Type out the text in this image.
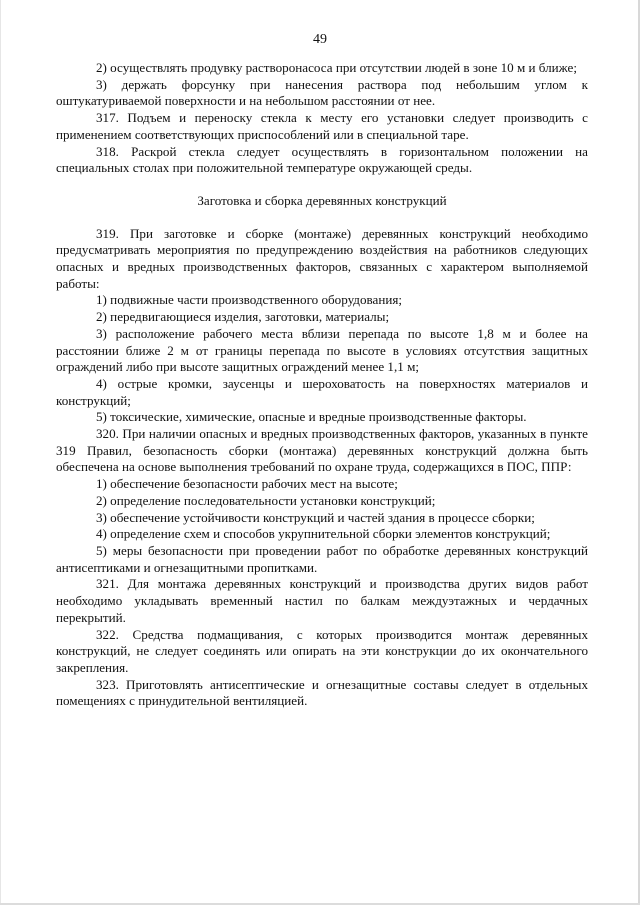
49

2) осуществлять продувку растворонасоса при отсутствии людей в зоне 10 м и ближе;

3) держать форсунку при нанесения раствора под небольшим углом к оштукатуриваемой поверхности и на небольшом расстоянии от нее.

317. Подъем и переноску стекла к месту его установки следует производить с применением соответствующих приспособлений или в специальной таре.

318. Раскрой стекла следует осуществлять в горизонтальном положении на специальных столах при положительной температуре окружающей среды.

Заготовка и сборка деревянных конструкций

319. При заготовке и сборке (монтаже) деревянных конструкций необходимо предусматривать мероприятия по предупреждению воздействия на работников следующих опасных и вредных производственных факторов, связанных с характером выполняемой работы:

1) подвижные части производственного оборудования;

2) передвигающиеся изделия, заготовки, материалы;

3) расположение рабочего места вблизи перепада по высоте 1,8 м и более на расстоянии ближе 2 м от границы перепада по высоте в условиях отсутствия защитных ограждений либо при высоте защитных ограждений менее 1,1 м;

4) острые кромки, заусенцы и шероховатость на поверхностях материалов и конструкций;

5) токсические, химические, опасные и вредные производственные факторы.

320. При наличии опасных и вредных производственных факторов, указанных в пункте 319 Правил, безопасность сборки (монтажа) деревянных конструкций должна быть обеспечена на основе выполнения требований по охране труда, содержащихся в ПОС, ППР:

1) обеспечение безопасности рабочих мест на высоте;

2) определение последовательности установки конструкций;

3) обеспечение устойчивости конструкций и частей здания в процессе сборки;

4) определение схем и способов укрупнительной сборки элементов конструкций;

5) меры безопасности при проведении работ по обработке деревянных конструкций антисептиками и огнезащитными пропитками.

321. Для монтажа деревянных конструкций и производства других видов работ необходимо укладывать временный настил по балкам междуэтажных и чердачных перекрытий.

322. Средства подмащивания, с которых производится монтаж деревянных конструкций, не следует соединять или опирать на эти конструкции до их окончательного закрепления.

323. Приготовлять антисептические и огнезащитные составы следует в отдельных помещениях с принудительной вентиляцией.
